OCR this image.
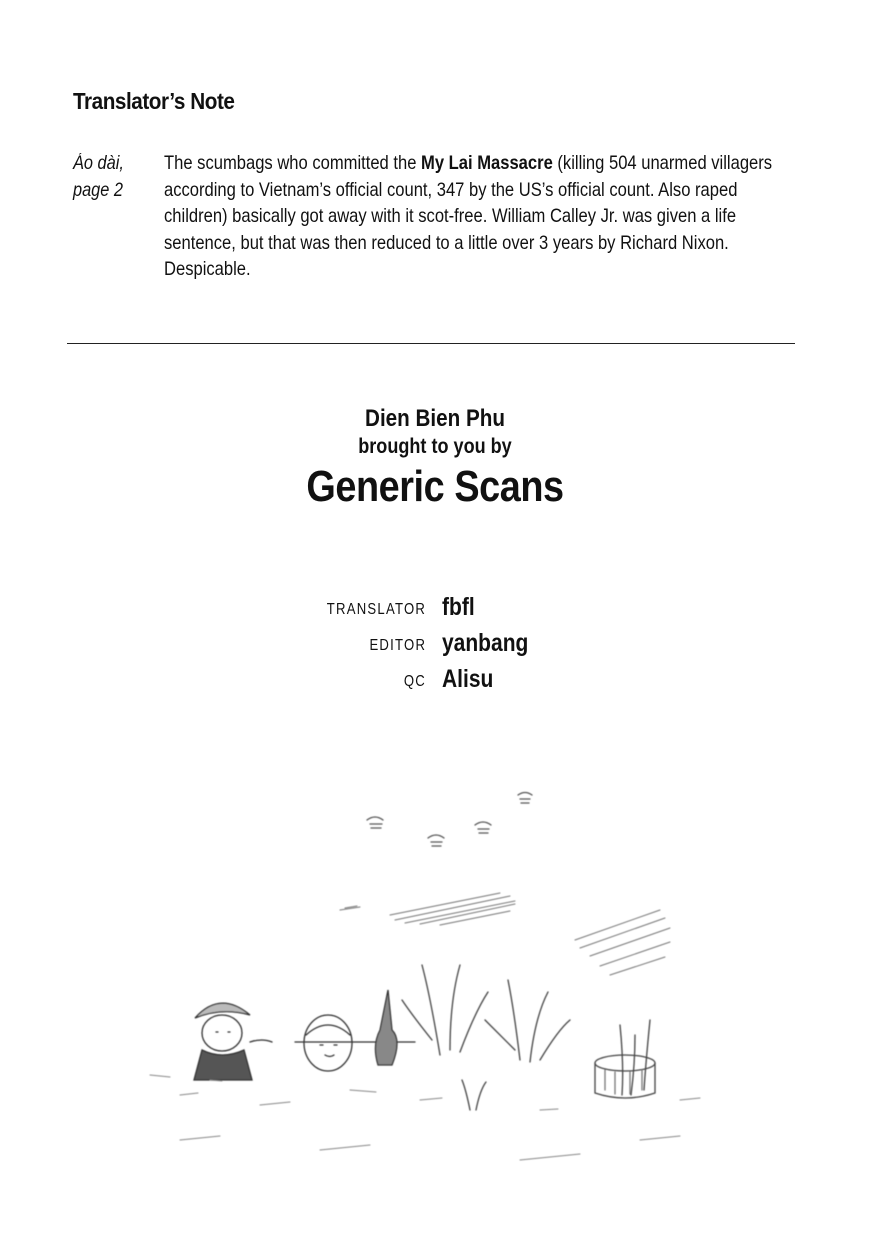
Translator’s Note
Áo dài,
page 2
The scumbags who committed the My Lai Massacre (killing 504 unarmed villagers according to Vietnam’s official count, 347 by the US’s official count. Also raped children) basically got away with it scot-free. William Calley Jr. was given a life sentence, but that was then reduced to a little over 3 years by Richard Nixon. Despicable.
Dien Bien Phu
brought to you by
Generic Scans
TRANSLATOR fbfl
EDITOR yanbang
QC Alisu
